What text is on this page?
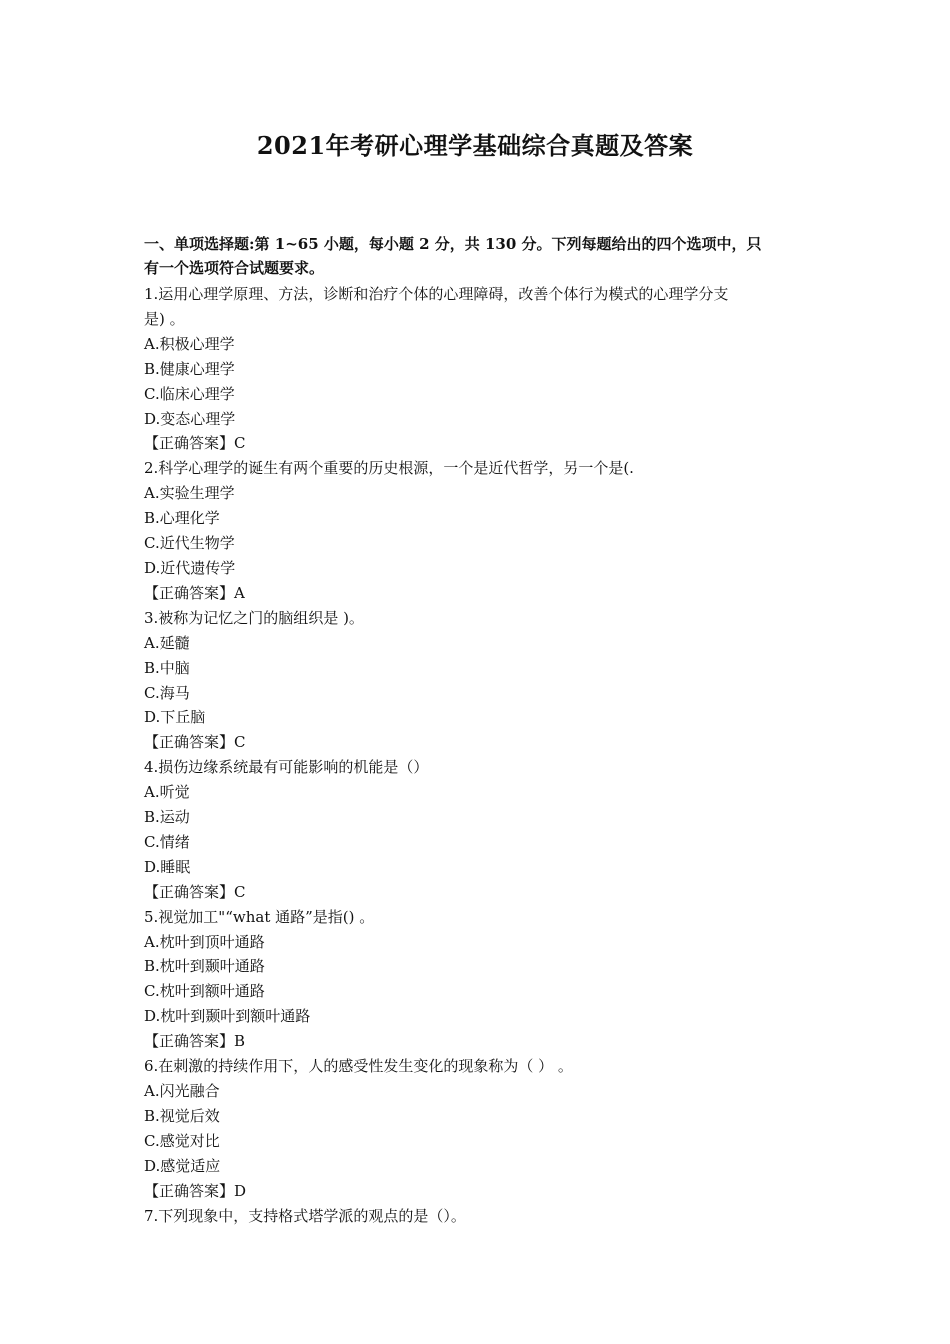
2021年考研心理学基础综合真题及答案
一、单项选择题:第 1~65 小题，每小题 2 分，共 130 分。下列每题给出的四个选项中，只有一个选项符合试题要求。
1.运用心理学原理、方法，诊断和治疗个体的心理障碍，改善个体行为模式的心理学分支是) 。
A.积极心理学
B.健康心理学
C.临床心理学
D.变态心理学
【正确答案】C
2.科学心理学的诞生有两个重要的历史根源，一个是近代哲学，另一个是(.
A.实验生理学
B.心理化学
C.近代生物学
D.近代遗传学
【正确答案】A
3.被称为记忆之门的脑组织是 )。
A.延髓
B.中脑
C.海马
D.下丘脑
【正确答案】C
4.损伤边缘系统最有可能影响的机能是（）
A.听觉
B.运动
C.情绪
D.睡眠
【正确答案】C
5.视觉加工"“what 通路”是指() 。
A.枕叶到顶叶通路
B.枕叶到颞叶通路
C.枕叶到额叶通路
D.枕叶到颞叶到额叶通路
【正确答案】B
6.在刺激的持续作用下，人的感受性发生变化的现象称为（ ） 。
A.闪光融合
B.视觉后效
C.感觉对比
D.感觉适应
【正确答案】D
7.下列现象中，支持格式塔学派的观点的是（）。
